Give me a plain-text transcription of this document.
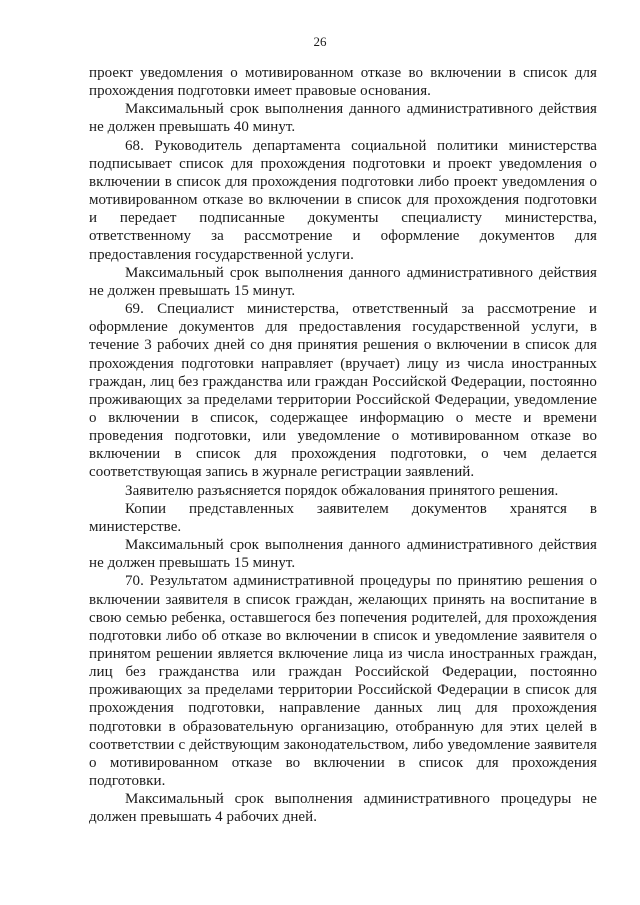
26

проект уведомления о мотивированном отказе во включении в список для прохождения подготовки имеет правовые основания.

Максимальный срок выполнения данного административного действия не должен превышать 40 минут.

68. Руководитель департамента социальной политики министерства подписывает список для прохождения подготовки и проект уведомления о включении в список для прохождения подготовки либо проект уведомления о мотивированном отказе во включении в список для прохождения подготовки и передает подписанные документы специалисту министерства, ответственному за рассмотрение и оформление документов для предоставления государственной услуги.

Максимальный срок выполнения данного административного действия не должен превышать 15 минут.

69. Специалист министерства, ответственный за рассмотрение и оформление документов для предоставления государственной услуги, в течение 3 рабочих дней со дня принятия решения о включении в список для прохождения подготовки направляет (вручает) лицу из числа иностранных граждан, лиц без гражданства или граждан Российской Федерации, постоянно проживающих за пределами территории Российской Федерации, уведомление о включении в список, содержащее информацию о месте и времени проведения подготовки, или уведомление о мотивированном отказе во включении в список для прохождения подготовки, о чем делается соответствующая запись в журнале регистрации заявлений.

Заявителю разъясняется порядок обжалования принятого решения.

Копии представленных заявителем документов хранятся в министерстве.

Максимальный срок выполнения данного административного действия не должен превышать 15 минут.

70. Результатом административной процедуры по принятию решения о включении заявителя в список граждан, желающих принять на воспитание в свою семью ребенка, оставшегося без попечения родителей, для прохождения подготовки либо об отказе во включении в список и уведомление заявителя о принятом решении является включение лица из числа иностранных граждан, лиц без гражданства или граждан Российской Федерации, постоянно проживающих за пределами территории Российской Федерации в список для прохождения подготовки, направление данных лиц для прохождения подготовки в образовательную организацию, отобранную для этих целей в соответствии с действующим законодательством, либо уведомление заявителя о мотивированном отказе во включении в список для прохождения подготовки.

Максимальный срок выполнения административного процедуры не должен превышать 4 рабочих дней.
